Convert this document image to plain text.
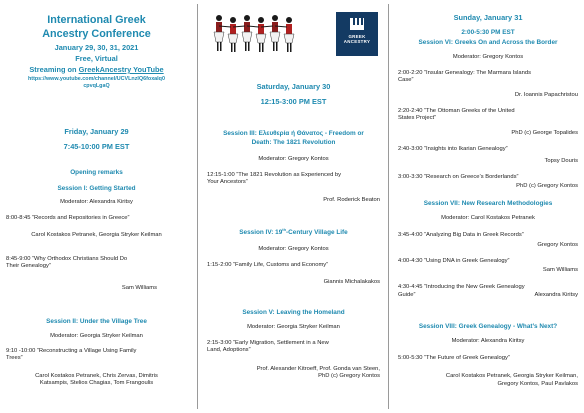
International Greek
Ancestry Conference
January 29, 30, 31, 2021
Free, Virtual
Streaming on GreekAncestry YouTube
https://www.youtube.com/channel/UCVLnzIQ6foxaIq0
cpvqLgaQ
Friday, January 29
7:45-10:00 PM EST
Opening remarks
Session I: Getting Started
Moderator: Alexandra Kiritsy
8:00-8:45 “Records and Repositories in Greece”
Carol Kostakos Petranek, Georgia Stryker Keilman
8:45-9:00 “Why Orthodox Christians Should Do
Their Genealogy”
Sam Williams
Session II: Under the Village Tree
Moderator: Georgia Stryker Keilman
9:10 -10:00 “Reconstructing a Village Using Family
Trees”
Carol Kostakos Petranek, Chris Zervas, Dimitris
Katsampis, Stelios Chagias, Tom Frangoulis
GREEK ANCESTRY
Saturday, January 30
12:15-3:00 PM EST
Session III: Ελευθερία ή Θάνατος - Freedom or
Death: The 1821 Revolution
Moderator: Gregory Kontos
12:15-1:00 “The 1821 Revolution as Experienced by
Your Ancestors”
Prof. Roderick Beaton
Session IV: 19th-Century Village Life
Moderator: Gregory Kontos
1:15-2:00 “Family Life, Customs and Economy”
Giannis Michalakakos
Session V: Leaving the Homeland
Moderator: Georgia Stryker Keilman
2:15-3:00 “Early Migration, Settlement in a New
Land, Adoptions”
Prof. Alexander Kitroeff, Prof. Gonda van Steen,
PhD (c) Gregory Kontos
Sunday, January 31
2:00-5:30 PM EST
Session VI: Greeks On and Across the Border
Moderator: Gregory Kontos
2:00-2:20 “Insular Genealogy: The Marmara Islands
Case”
Dr. Ioannis Papachristou
2:20-2:40 “The Ottoman Greeks of the United
States Project”
PhD (c) George Topalides
2:40-3:00 “Insights into Ikarian Genealogy”
Topsy Douris
3:00-3:30 “Research on Greece’s Borderlands”
PhD (c) Gregory Kontos
Session VII: New Research Methodologies
Moderator: Carol Kostakos Petranek
3:45-4:00 “Analyzing Big Data in Greek Records”
Gregory Kontos
4:00-4:30 “Using DNA in Greek Genealogy”
Sam Williams
4:30-4:45 “Introducing the New Greek Genealogy
Guide”	Alexandra Kiritsy
Session VIII: Greek Genealogy - What’s Next?
Moderator: Alexandra Kiritsy
5:00-5:30 “The Future of Greek Genealogy”
Carol Kostakos Petranek, Georgia Stryker Keilman,
Gregory Kontos, Paul Pavlakos
